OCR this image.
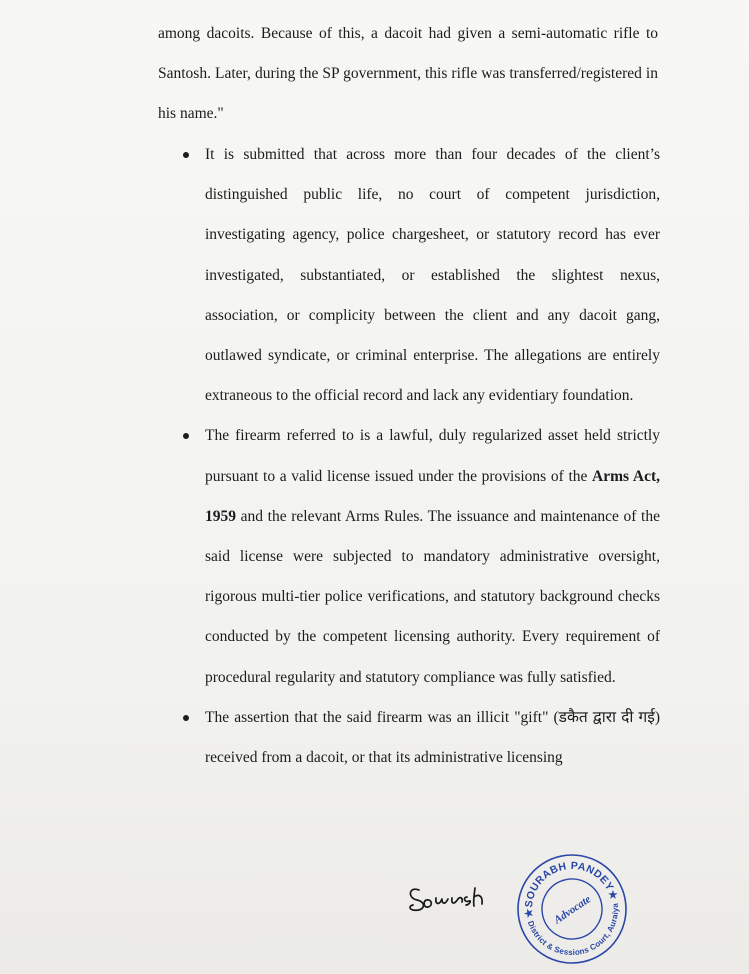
among dacoits. Because of this, a dacoit had given a semi-automatic rifle to Santosh. Later, during the SP government, this rifle was transferred/registered in his name."
It is submitted that across more than four decades of the client’s distinguished public life, no court of competent jurisdiction, investigating agency, police chargesheet, or statutory record has ever investigated, substantiated, or established the slightest nexus, association, or complicity between the client and any dacoit gang, outlawed syndicate, or criminal enterprise. The allegations are entirely extraneous to the official record and lack any evidentiary foundation.
The firearm referred to is a lawful, duly regularized asset held strictly pursuant to a valid license issued under the provisions of the Arms Act, 1959 and the relevant Arms Rules. The issuance and maintenance of the said license were subjected to mandatory administrative oversight, rigorous multi-tier police verifications, and statutory background checks conducted by the competent licensing authority. Every requirement of procedural regularity and statutory compliance was fully satisfied.
The assertion that the said firearm was an illicit "gift" (डकैत द्वारा दी गई) received from a dacoit, or that its administrative licensing
★SOURABH PANDEY★
District & Sessions Court, Auraiya
Advocate
